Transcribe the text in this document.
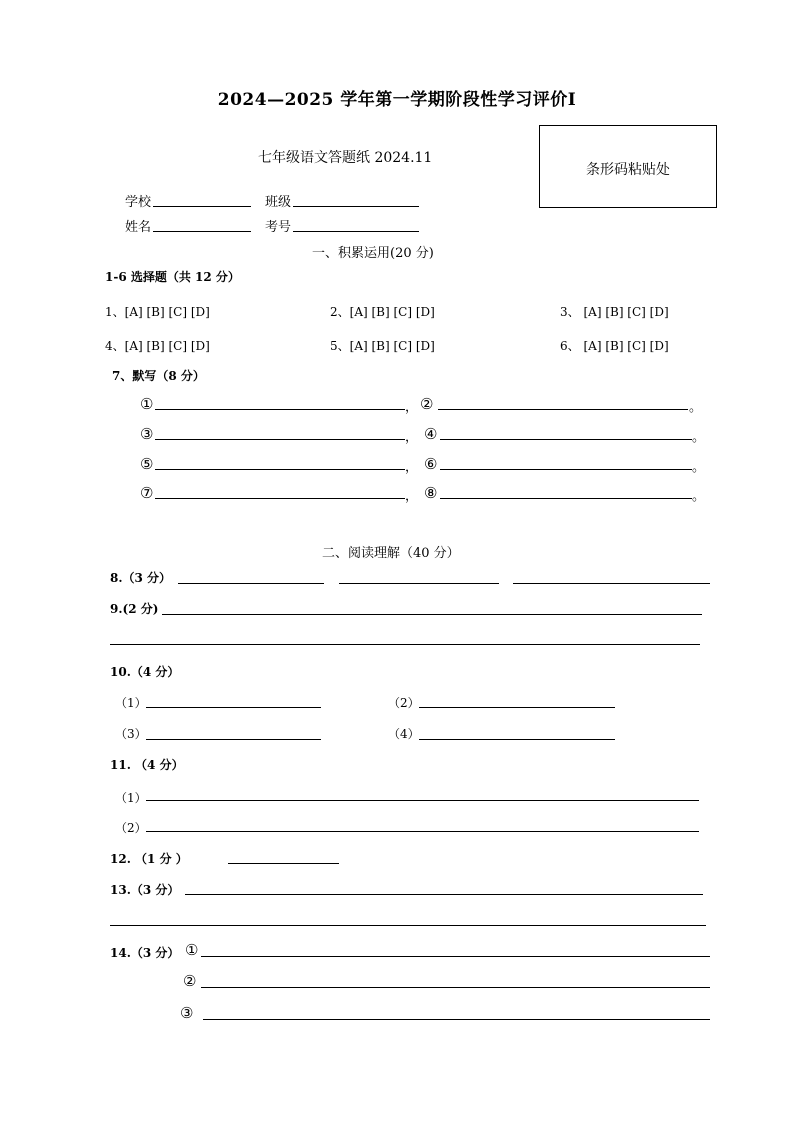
2024—2025 学年第一学期阶段性学习评价Ⅰ
条形码粘贴处
七年级语文答题纸 2024.11
学校	班级
姓名	考号
一、积累运用(20 分)
1-6 选择题（共 12 分）
1、[A] [B] [C] [D]	2、[A] [B] [C] [D]	3、 [A] [B] [C] [D]
4、[A] [B] [C] [D]	5、[A] [B] [C] [D]	6、 [A] [B] [C] [D]
7、默写（8 分）
①	， ②	。
③	， ④	。
⑤	， ⑥	。
⑦	， ⑧	。
二、阅读理解（40 分）
8.（3 分）
9.(2 分)
10.（4 分）
（1）	（2）
（3）	（4）
11. （4 分）
（1）
（2）
12. （1 分 ）
13.（3 分）
14.（3 分） ①
②
③
